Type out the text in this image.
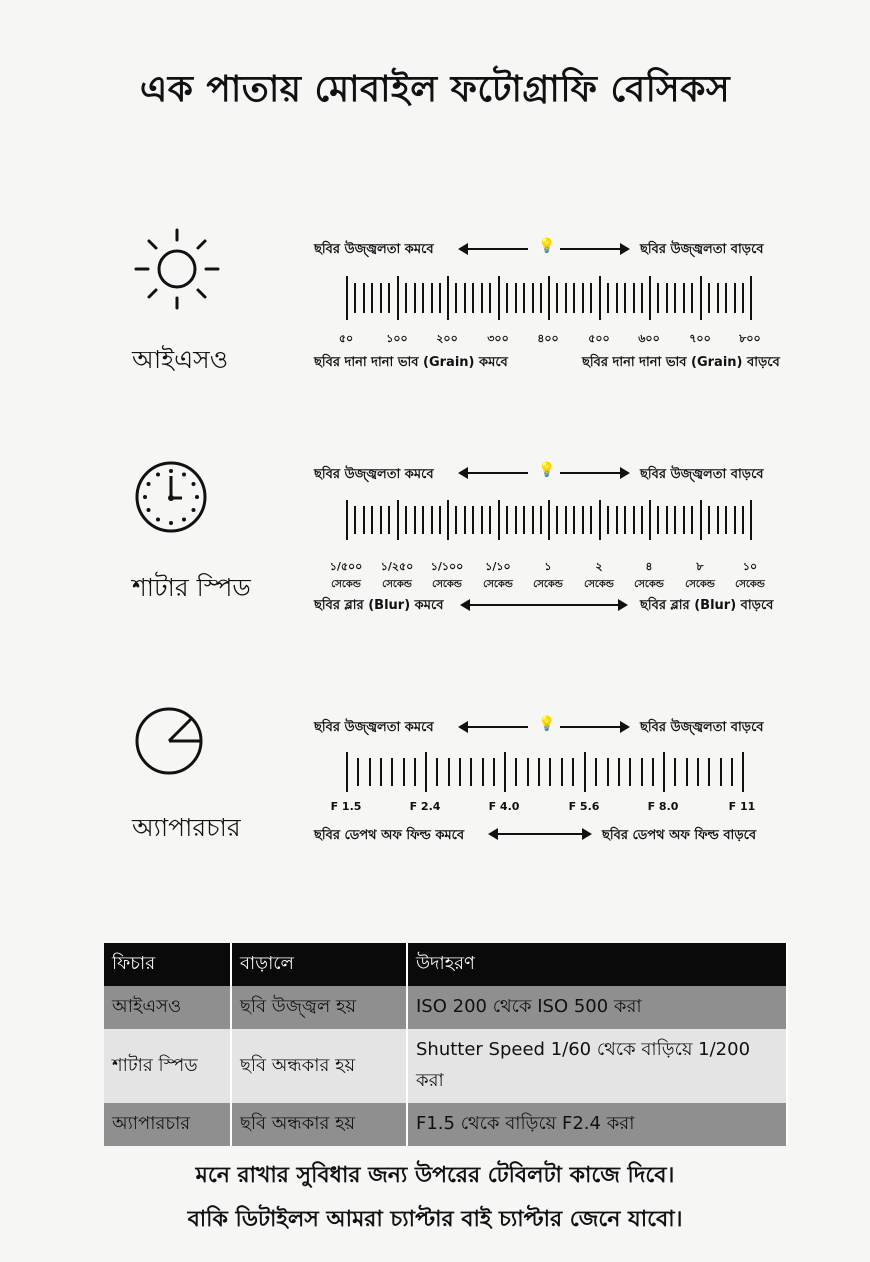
এক পাতায় মোবাইল ফটোগ্রাফি বেসিকস
আইএসও
ছবির উজ্জ্বলতা কমবে	💡	ছবির উজ্জ্বলতা বাড়বে
৫০	১০০	২০০	৩০০	৪০০	৫০০	৬০০	৭০০	৮০০
ছবির দানা দানা ভাব (Grain) কমবে	ছবির দানা দানা ভাব (Grain) বাড়বে
শাটার স্পিড
ছবির উজ্জ্বলতা কমবে	💡	ছবির উজ্জ্বলতা বাড়বে
১/৫০০
সেকেন্ড
১/২৫০
সেকেন্ড
১/১০০
সেকেন্ড
১/১০
সেকেন্ড
১
সেকেন্ড
২
সেকেন্ড
৪
সেকেন্ড
৮
সেকেন্ড
১০
সেকেন্ড
ছবির ব্লার (Blur) কমবে	ছবির ব্লার (Blur) বাড়বে
অ্যাপারচার
ছবির উজ্জ্বলতা কমবে	💡	ছবির উজ্জ্বলতা বাড়বে
F 1.5	F 2.4	F 4.0	F 5.6	F 8.0	F 11
ছবির ডেপথ অফ ফিল্ড কমবে	ছবির ডেপথ অফ ফিল্ড বাড়বে
ফিচার	বাড়ালে	উদাহরণ
আইএসও	ছবি উজ্জ্বল হয়	ISO 200 থেকে ISO 500 করা
শাটার স্পিড	ছবি অন্ধকার হয়	Shutter Speed 1/60 থেকে বাড়িয়ে 1/200 করা
অ্যাপারচার	ছবি অন্ধকার হয়	F1.5 থেকে বাড়িয়ে F2.4 করা
মনে রাখার সুবিধার জন্য উপরের টেবিলটা কাজে দিবে।
বাকি ডিটাইলস আমরা চ্যাপ্টার বাই চ্যাপ্টার জেনে যাবো।
